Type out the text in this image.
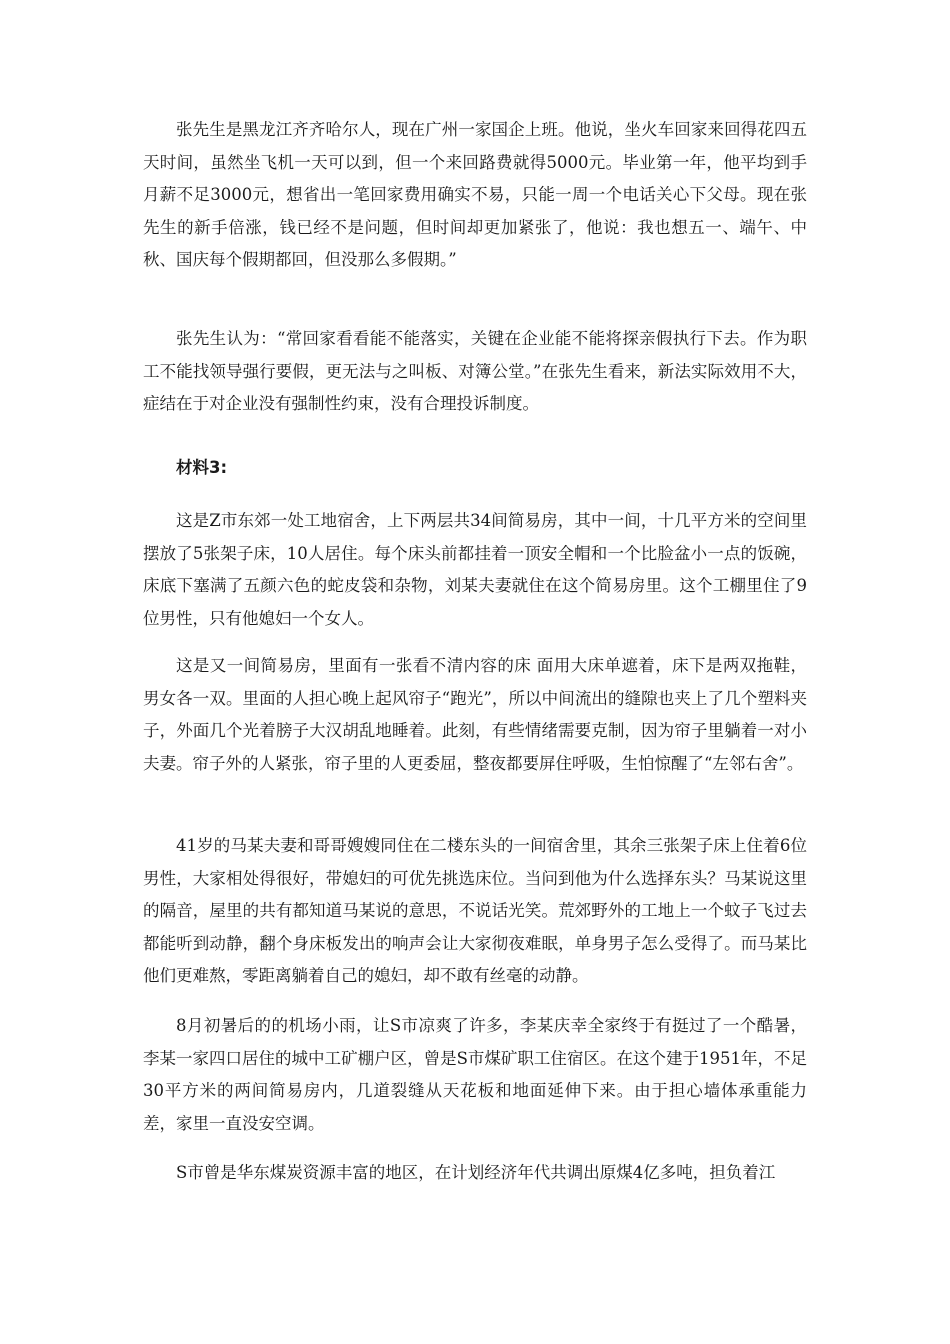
张先生是黑龙江齐齐哈尔人，现在广州一家国企上班。他说，坐火车回家来回得花四五天时间，虽然坐飞机一天可以到，但一个来回路费就得5000元。毕业第一年，他平均到手月薪不足3000元，想省出一笔回家费用确实不易，只能一周一个电话关心下父母。现在张先生的新手倍涨，钱已经不是问题，但时间却更加紧张了，他说：我也想五一、端午、中秋、国庆每个假期都回，但没那么多假期。”

张先生认为：“常回家看看能不能落实，关键在企业能不能将探亲假执行下去。作为职工不能找领导强行要假，更无法与之叫板、对簿公堂。”在张先生看来，新法实际效用不大，症结在于对企业没有强制性约束，没有合理投诉制度。

材料3:

这是Z市东郊一处工地宿舍，上下两层共34间简易房，其中一间，十几平方米的空间里摆放了5张架子床，10人居住。每个床头前都挂着一顶安全帽和一个比脸盆小一点的饭碗，床底下塞满了五颜六色的蛇皮袋和杂物，刘某夫妻就住在这个简易房里。这个工棚里住了9位男性，只有他媳妇一个女人。

这是又一间简易房，里面有一张看不清内容的床 面用大床单遮着，床下是两双拖鞋，男女各一双。里面的人担心晚上起风帘子“跑光”，所以中间流出的缝隙也夹上了几个塑料夹子，外面几个光着膀子大汉胡乱地睡着。此刻，有些情绪需要克制，因为帘子里躺着一对小夫妻。帘子外的人紧张，帘子里的人更委屈，整夜都要屏住呼吸，生怕惊醒了“左邻右舍”。

41岁的马某夫妻和哥哥嫂嫂同住在二楼东头的一间宿舍里，其余三张架子床上住着6位男性，大家相处得很好，带媳妇的可优先挑选床位。当问到他为什么选择东头？马某说这里的隔音，屋里的共有都知道马某说的意思，不说话光笑。荒郊野外的工地上一个蚊子飞过去都能听到动静，翻个身床板发出的响声会让大家彻夜难眠，单身男子怎么受得了。而马某比他们更难熬，零距离躺着自己的媳妇，却不敢有丝毫的动静。

8月初暑后的的机场小雨，让S市凉爽了许多，李某庆幸全家终于有挺过了一个酷暑，李某一家四口居住的城中工矿棚户区，曾是S市煤矿职工住宿区。在这个建于1951年，不足30平方米的两间简易房内，几道裂缝从天花板和地面延伸下来。由于担心墙体承重能力差，家里一直没安空调。

S市曾是华东煤炭资源丰富的地区，在计划经济年代共调出原煤4亿多吨，担负着江
